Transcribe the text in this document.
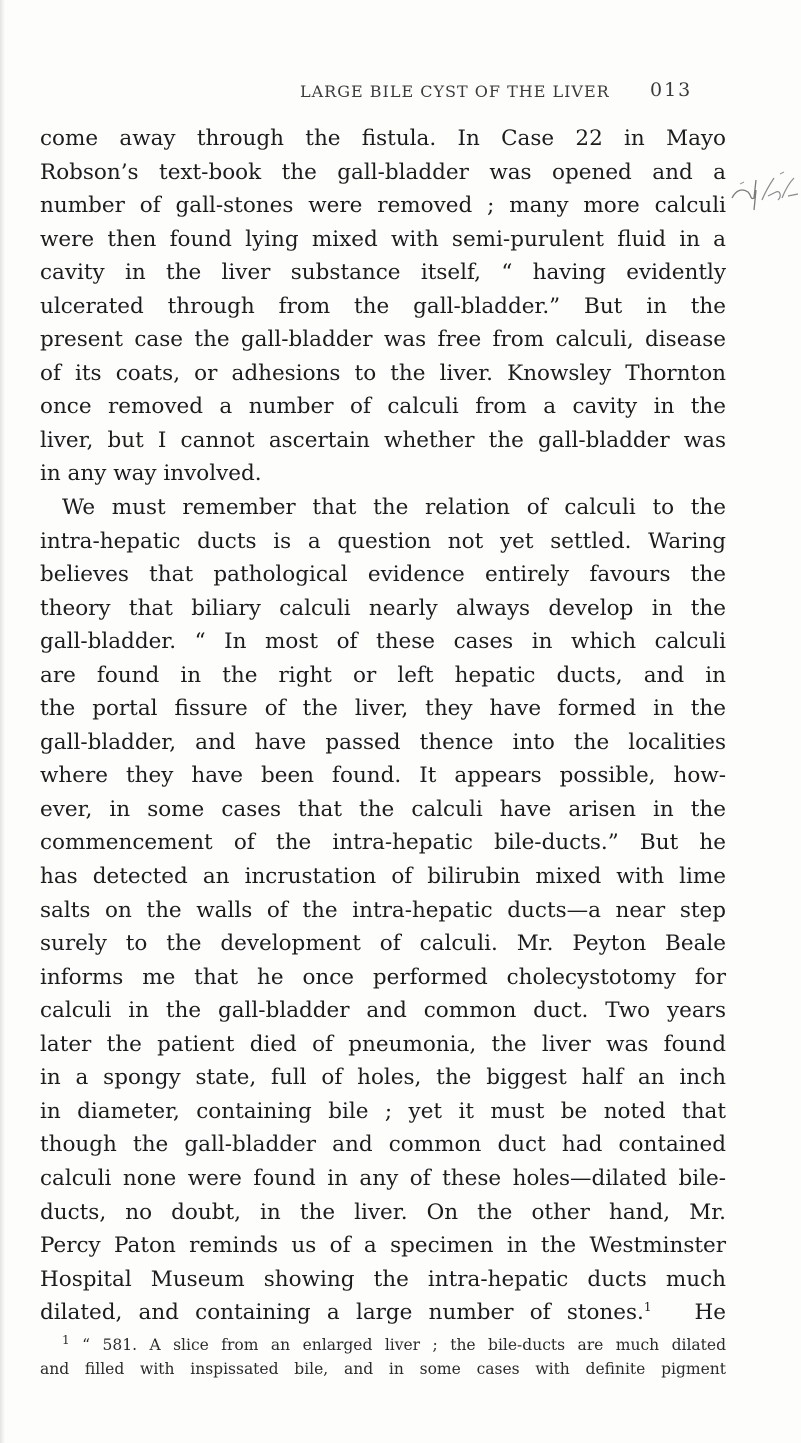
LARGE BILE CYST OF THE LIVER 013
come away through the fistula. In Case 22 in Mayo
Robson’s text-book the gall-bladder was opened and a
number of gall-stones were removed ; many more calculi
were then found lying mixed with semi-purulent fluid in a
cavity in the liver substance itself, “ having evidently
ulcerated through from the gall-bladder.” But in the
present case the gall-bladder was free from calculi, disease
of its coats, or adhesions to the liver. Knowsley Thornton
once removed a number of calculi from a cavity in the
liver, but I cannot ascertain whether the gall-bladder was
in any way involved.
We must remember that the relation of calculi to the
intra-hepatic ducts is a question not yet settled. Waring
believes that pathological evidence entirely favours the
theory that biliary calculi nearly always develop in the
gall-bladder. “ In most of these cases in which calculi
are found in the right or left hepatic ducts, and in
the portal fissure of the liver, they have formed in the
gall-bladder, and have passed thence into the localities
where they have been found. It appears possible, how-
ever, in some cases that the calculi have arisen in the
commencement of the intra-hepatic bile-ducts.” But he
has detected an incrustation of bilirubin mixed with lime
salts on the walls of the intra-hepatic ducts—a near step
surely to the development of calculi. Mr. Peyton Beale
informs me that he once performed cholecystotomy for
calculi in the gall-bladder and common duct. Two years
later the patient died of pneumonia, the liver was found
in a spongy state, full of holes, the biggest half an inch
in diameter, containing bile ; yet it must be noted that
though the gall-bladder and common duct had contained
calculi none were found in any of these holes—dilated bile-
ducts, no doubt, in the liver. On the other hand, Mr.
Percy Paton reminds us of a specimen in the Westminster
Hospital Museum showing the intra-hepatic ducts much
dilated, and containing a large number of stones.$^1$   He
$^1$ “ 581. A slice from an enlarged liver ; the bile-ducts are much dilated
and filled with inspissated bile, and in some cases with definite pigment
